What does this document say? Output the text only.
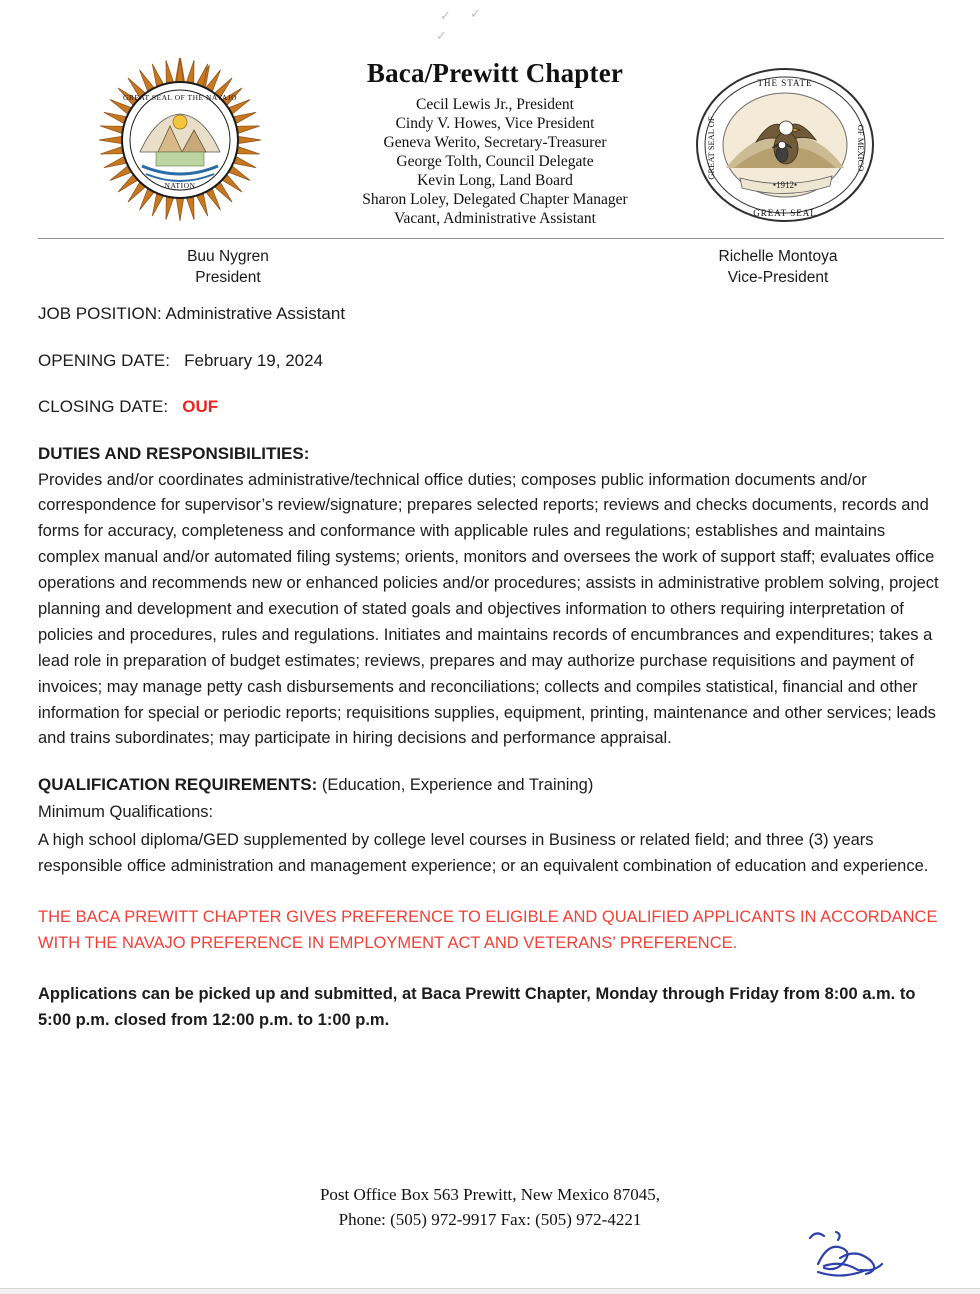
✓ ✓
✓
GREAT SEAL OF THE NAVAJO
NATION
Baca/Prewitt Chapter
Cecil Lewis Jr., President
Cindy V. Howes, Vice President
Geneva Werito, Secretary-Treasurer
George Tolth, Council Delegate
Kevin Long, Land Board
Sharon Loley, Delegated Chapter Manager
Vacant, Administrative Assistant
•1912•
THE STATE
GREAT SEAL OF	OF MEXICO
GREAT SEAL
Buu Nygren
President
Richelle Montoya
Vice-President
JOB POSITION: Administrative Assistant
OPENING DATE: February 19, 2024
CLOSING DATE: OUF
DUTIES AND RESPONSIBILITIES:
Provides and/or coordinates administrative/technical office duties; composes public information documents and/or correspondence for supervisor’s review/signature; prepares selected reports; reviews and checks documents, records and forms for accuracy, completeness and conformance with applicable rules and regulations; establishes and maintains complex manual and/or automated filing systems; orients, monitors and oversees the work of support staff; evaluates office operations and recommends new or enhanced policies and/or procedures; assists in administrative problem solving, project planning and development and execution of stated goals and objectives information to others requiring interpretation of policies and procedures, rules and regulations. Initiates and maintains records of encumbrances and expenditures; takes a lead role in preparation of budget estimates; reviews, prepares and may authorize purchase requisitions and payment of invoices; may manage petty cash disbursements and reconciliations; collects and compiles statistical, financial and other information for special or periodic reports; requisitions supplies, equipment, printing, maintenance and other services; leads and trains subordinates; may participate in hiring decisions and performance appraisal.
QUALIFICATION REQUIREMENTS: (Education, Experience and Training)
Minimum Qualifications:
A high school diploma/GED supplemented by college level courses in Business or related field; and three (3) years responsible office administration and management experience; or an equivalent combination of education and experience.
THE BACA PREWITT CHAPTER GIVES PREFERENCE TO ELIGIBLE AND QUALIFIED APPLICANTS IN ACCORDANCE WITH THE NAVAJO PREFERENCE IN EMPLOYMENT ACT AND VETERANS’ PREFERENCE.
Applications can be picked up and submitted, at Baca Prewitt Chapter, Monday through Friday from 8:00 a.m. to 5:00 p.m. closed from 12:00 p.m. to 1:00 p.m.
Post Office Box 563 Prewitt, New Mexico 87045,
Phone: (505) 972-9917 Fax: (505) 972-4221
